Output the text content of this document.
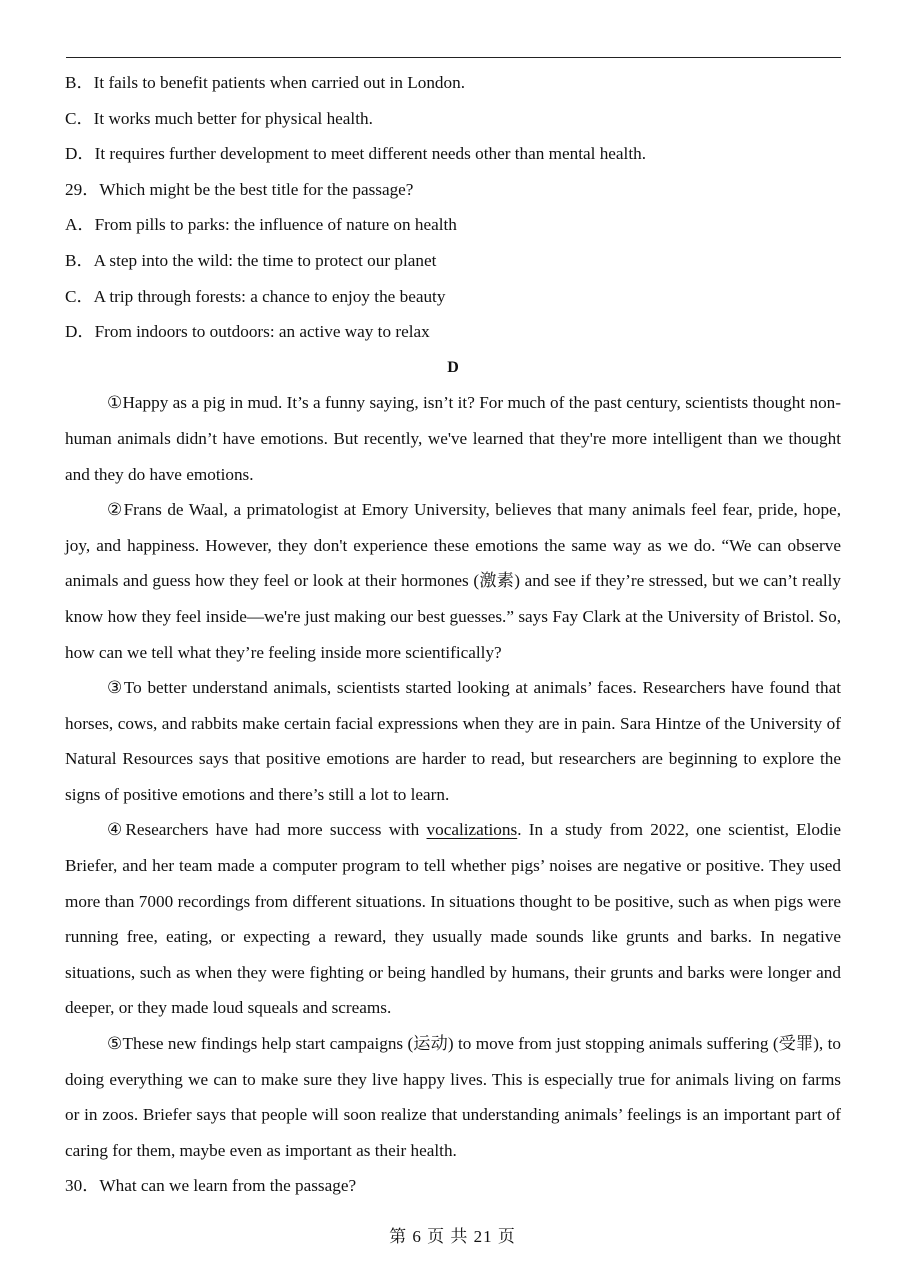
B．It fails to benefit patients when carried out in London.

C．It works much better for physical health.

D．It requires further development to meet different needs other than mental health.

29．Which might be the best title for the passage?

A．From pills to parks: the influence of nature on health

B．A step into the wild: the time to protect our planet

C．A trip through forests: a chance to enjoy the beauty

D．From indoors to outdoors: an active way to relax

D

①Happy as a pig in mud. It’s a funny saying, isn’t it? For much of the past century, scientists thought non-human animals didn’t have emotions. But recently, we've learned that they're more intelligent than we thought and they do have emotions.

②Frans de Waal, a primatologist at Emory University, believes that many animals feel fear, pride, hope, joy, and happiness. However, they don't experience these emotions the same way as we do. “We can observe animals and guess how they feel or look at their hormones (激素) and see if they’re stressed, but we can’t really know how they feel inside—we're just making our best guesses.” says Fay Clark at the University of Bristol. So, how can we tell what they’re feeling inside more scientifically?

③To better understand animals, scientists started looking at animals’ faces. Researchers have found that horses, cows, and rabbits make certain facial expressions when they are in pain. Sara Hintze of the University of Natural Resources says that positive emotions are harder to read, but researchers are beginning to explore the signs of positive emotions and there’s still a lot to learn.

④Researchers have had more success with vocalizations. In a study from 2022, one scientist, Elodie Briefer, and her team made a computer program to tell whether pigs’ noises are negative or positive. They used more than 7000 recordings from different situations. In situations thought to be positive, such as when pigs were running free, eating, or expecting a reward, they usually made sounds like grunts and barks. In negative situations, such as when they were fighting or being handled by humans, their grunts and barks were longer and deeper, or they made loud squeals and screams.

⑤These new findings help start campaigns (运动) to move from just stopping animals suffering (受罪), to doing everything we can to make sure they live happy lives. This is especially true for animals living on farms or in zoos. Briefer says that people will soon realize that understanding animals’ feelings is an important part of caring for them, maybe even as important as their health.

30．What can we learn from the passage?

第 6 页 共 21 页
